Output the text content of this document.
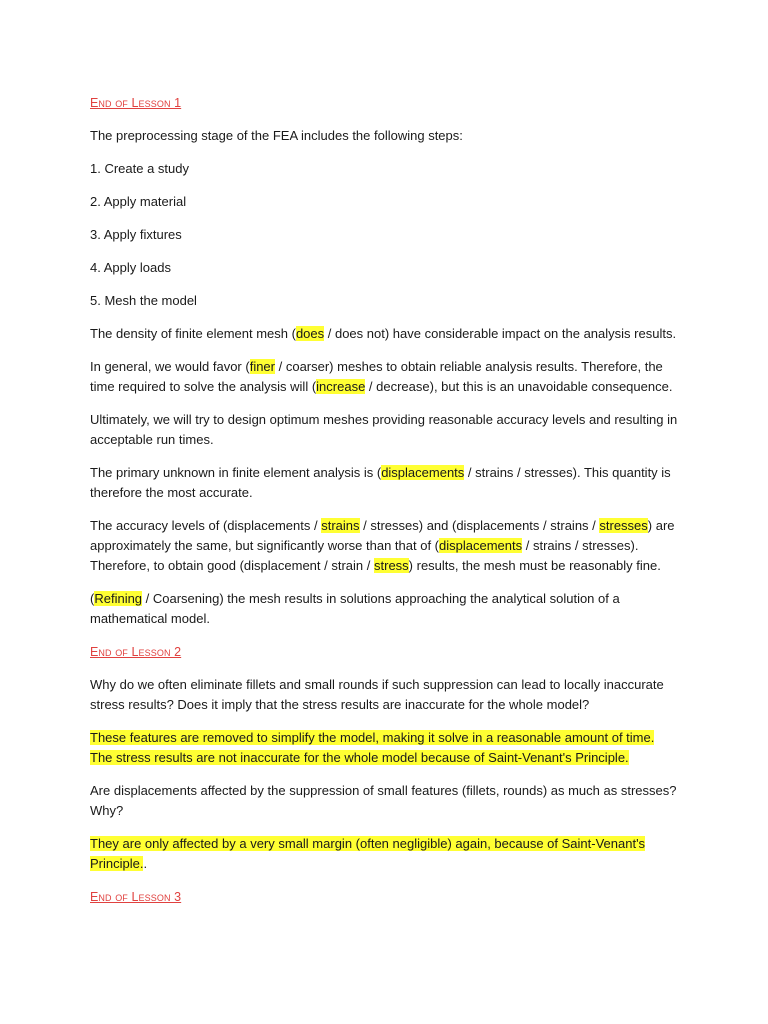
End of Lesson 1

The preprocessing stage of the FEA includes the following steps:

1. Create a study

2. Apply material

3. Apply fixtures

4. Apply loads

5. Mesh the model

The density of finite element mesh (does / does not) have considerable impact on the analysis results.

In general, we would favor (finer / coarser) meshes to obtain reliable analysis results. Therefore, the time required to solve the analysis will (increase / decrease), but this is an unavoidable consequence.

Ultimately, we will try to design optimum meshes providing reasonable accuracy levels and resulting in acceptable run times.

The primary unknown in finite element analysis is (displacements / strains / stresses). This quantity is therefore the most accurate.

The accuracy levels of (displacements / strains / stresses) and (displacements / strains / stresses) are approximately the same, but significantly worse than that of (displacements / strains / stresses). Therefore, to obtain good (displacement / strain / stress) results, the mesh must be reasonably fine.

(Refining / Coarsening) the mesh results in solutions approaching the analytical solution of a mathematical model.

End of Lesson 2

Why do we often eliminate fillets and small rounds if such suppression can lead to locally inaccurate stress results? Does it imply that the stress results are inaccurate for the whole model?

These features are removed to simplify the model, making it solve in a reasonable amount of time. The stress results are not inaccurate for the whole model because of Saint-Venant's Principle.

Are displacements affected by the suppression of small features (fillets, rounds) as much as stresses? Why?

They are only affected by a very small margin (often negligible) again, because of Saint-Venant's Principle..

End of Lesson 3
